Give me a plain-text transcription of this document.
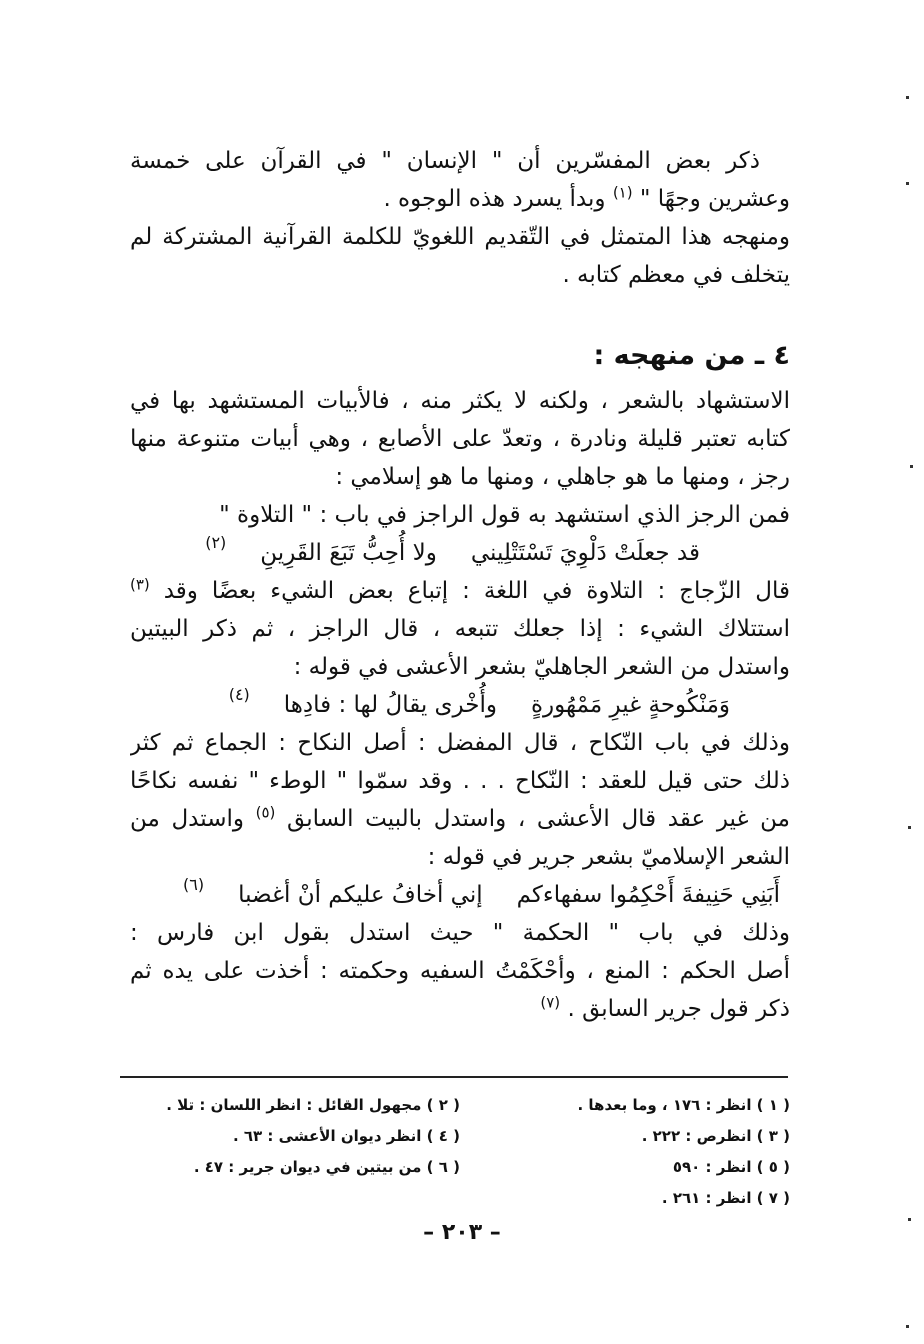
ذكر بعض المفسّرين أن " الإنسان " في القرآن على خمسة
وعشرين وجهًا " $^{(١)}$ وبدأ يسرد هذه الوجوه .
ومنهجه هذا المتمثل في التّقديم اللغويّ للكلمة القرآنية المشتركة لم
يتخلف في معظم كتابه .
٤ ـ من منهجه :
الاستشهاد بالشعر ، ولكنه لا يكثر منه ، فالأبيات المستشهد بها في
كتابه تعتبر قليلة ونادرة ، وتعدّ على الأصابع ، وهي أبيات متنوعة منها
رجز ، ومنها ما هو جاهلي ، ومنها ما هو إسلامي :
فمن الرجز الذي استشهد به قول الراجز في باب : " التلاوة "
قد جعلَتْ دَلْوِيَ تَسْتَتْلِيني
ولا أُحِبُّ تَبَعَ القَرِينِ
(٢)
قال الزّجاج : التلاوة في اللغة : إتباع بعض الشيء بعضًا وقد $^{(٣)}$
استتلاك الشيء : إذا جعلك تتبعه ، قال الراجز ، ثم ذكر البيتين
واستدل من الشعر الجاهليّ بشعر الأعشى في قوله :
وَمَنْكُوحةٍ غيرِ مَمْهُورةٍ
وأُخْرى يقالُ لها : فادِها
(٤)
وذلك في باب النّكاح ، قال المفضل : أصل النكاح : الجماع ثم كثر
ذلك حتى قيل للعقد : النّكاح . . . وقد سمّوا " الوطء " نفسه نكاحًا
من غير عقد قال الأعشى ، واستدل بالبيت السابق $^{(٥)}$ واستدل من
الشعر الإسلاميّ بشعر جرير في قوله :
أَبَنِي حَنِيفةَ أَحْكِمُوا سفهاءكم
إني أخافُ عليكم أنْ أغضبا
(٦)
وذلك في باب " الحكمة " حيث استدل بقول ابن فارس :
أصل الحكم : المنع ، وأحْكَمْتُ السفيه وحكمته : أخذت على يده ثم
ذكر قول جرير السابق . $^{(٧)}$
( ١ ) انظر : ١٧٦ ، وما بعدها .
( ٢ ) مجهول القائل : انظر اللسان : تلا .
( ٣ ) انظرص : ٢٢٢ .
( ٤ ) انظر ديوان الأعشى : ٦٣ .
( ٥ ) انظر : ٥٩٠
( ٦ ) من بيتين في ديوان جرير : ٤٧ .
( ٧ ) انظر : ٢٦١ .
– ٢٠٣ –
